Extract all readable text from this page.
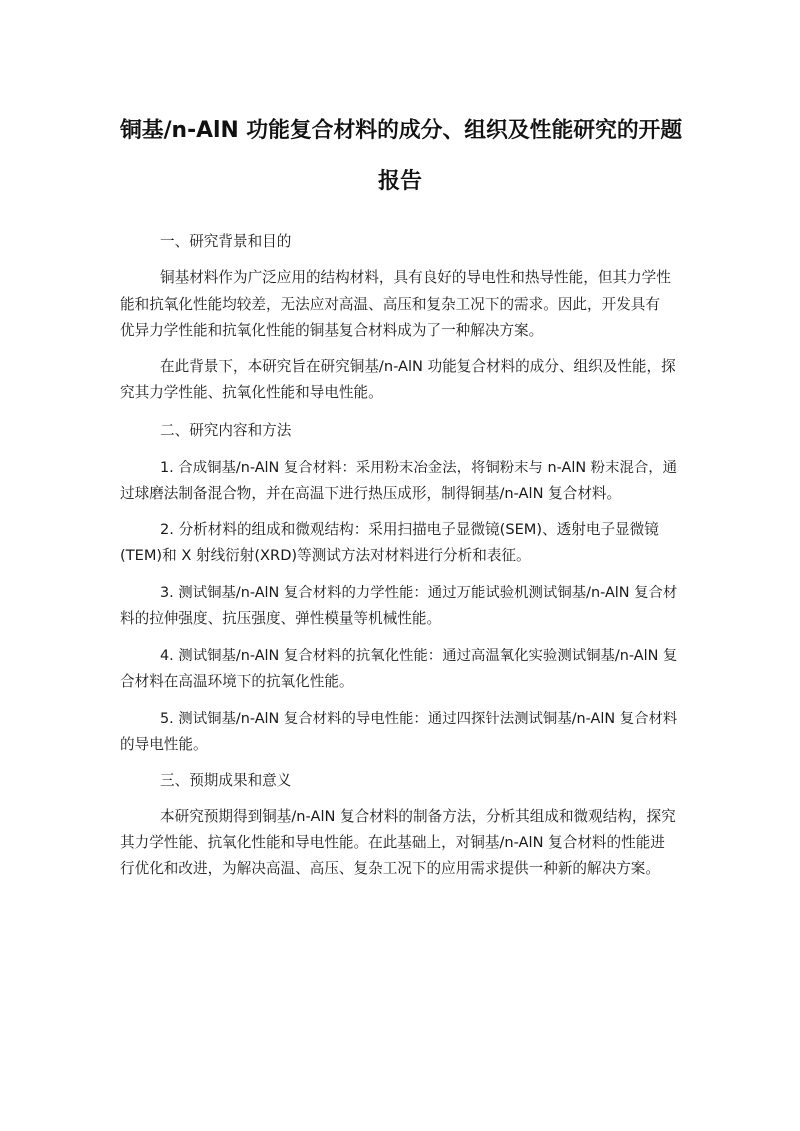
铜基/n-AlN 功能复合材料的成分、组织及性能研究的开题
报告

一、研究背景和目的

铜基材料作为广泛应用的结构材料，具有良好的导电性和热导性能，但其力学性

能和抗氧化性能均较差，无法应对高温、高压和复杂工况下的需求。因此，开发具有

优异力学性能和抗氧化性能的铜基复合材料成为了一种解决方案。

在此背景下，本研究旨在研究铜基/n-AlN 功能复合材料的成分、组织及性能，探

究其力学性能、抗氧化性能和导电性能。

二、研究内容和方法

1. 合成铜基/n-AlN 复合材料：采用粉末冶金法，将铜粉末与 n-AlN 粉末混合，通

过球磨法制备混合物，并在高温下进行热压成形，制得铜基/n-AlN 复合材料。

2. 分析材料的组成和微观结构：采用扫描电子显微镜(SEM)、透射电子显微镜

(TEM)和 X 射线衍射(XRD)等测试方法对材料进行分析和表征。

3. 测试铜基/n-AlN 复合材料的力学性能：通过万能试验机测试铜基/n-AlN 复合材

料的拉伸强度、抗压强度、弹性模量等机械性能。

4. 测试铜基/n-AlN 复合材料的抗氧化性能：通过高温氧化实验测试铜基/n-AlN 复

合材料在高温环境下的抗氧化性能。

5. 测试铜基/n-AlN 复合材料的导电性能：通过四探针法测试铜基/n-AlN 复合材料

的导电性能。

三、预期成果和意义

本研究预期得到铜基/n-AlN 复合材料的制备方法，分析其组成和微观结构，探究

其力学性能、抗氧化性能和导电性能。在此基础上，对铜基/n-AlN 复合材料的性能进

行优化和改进，为解决高温、高压、复杂工况下的应用需求提供一种新的解决方案。
